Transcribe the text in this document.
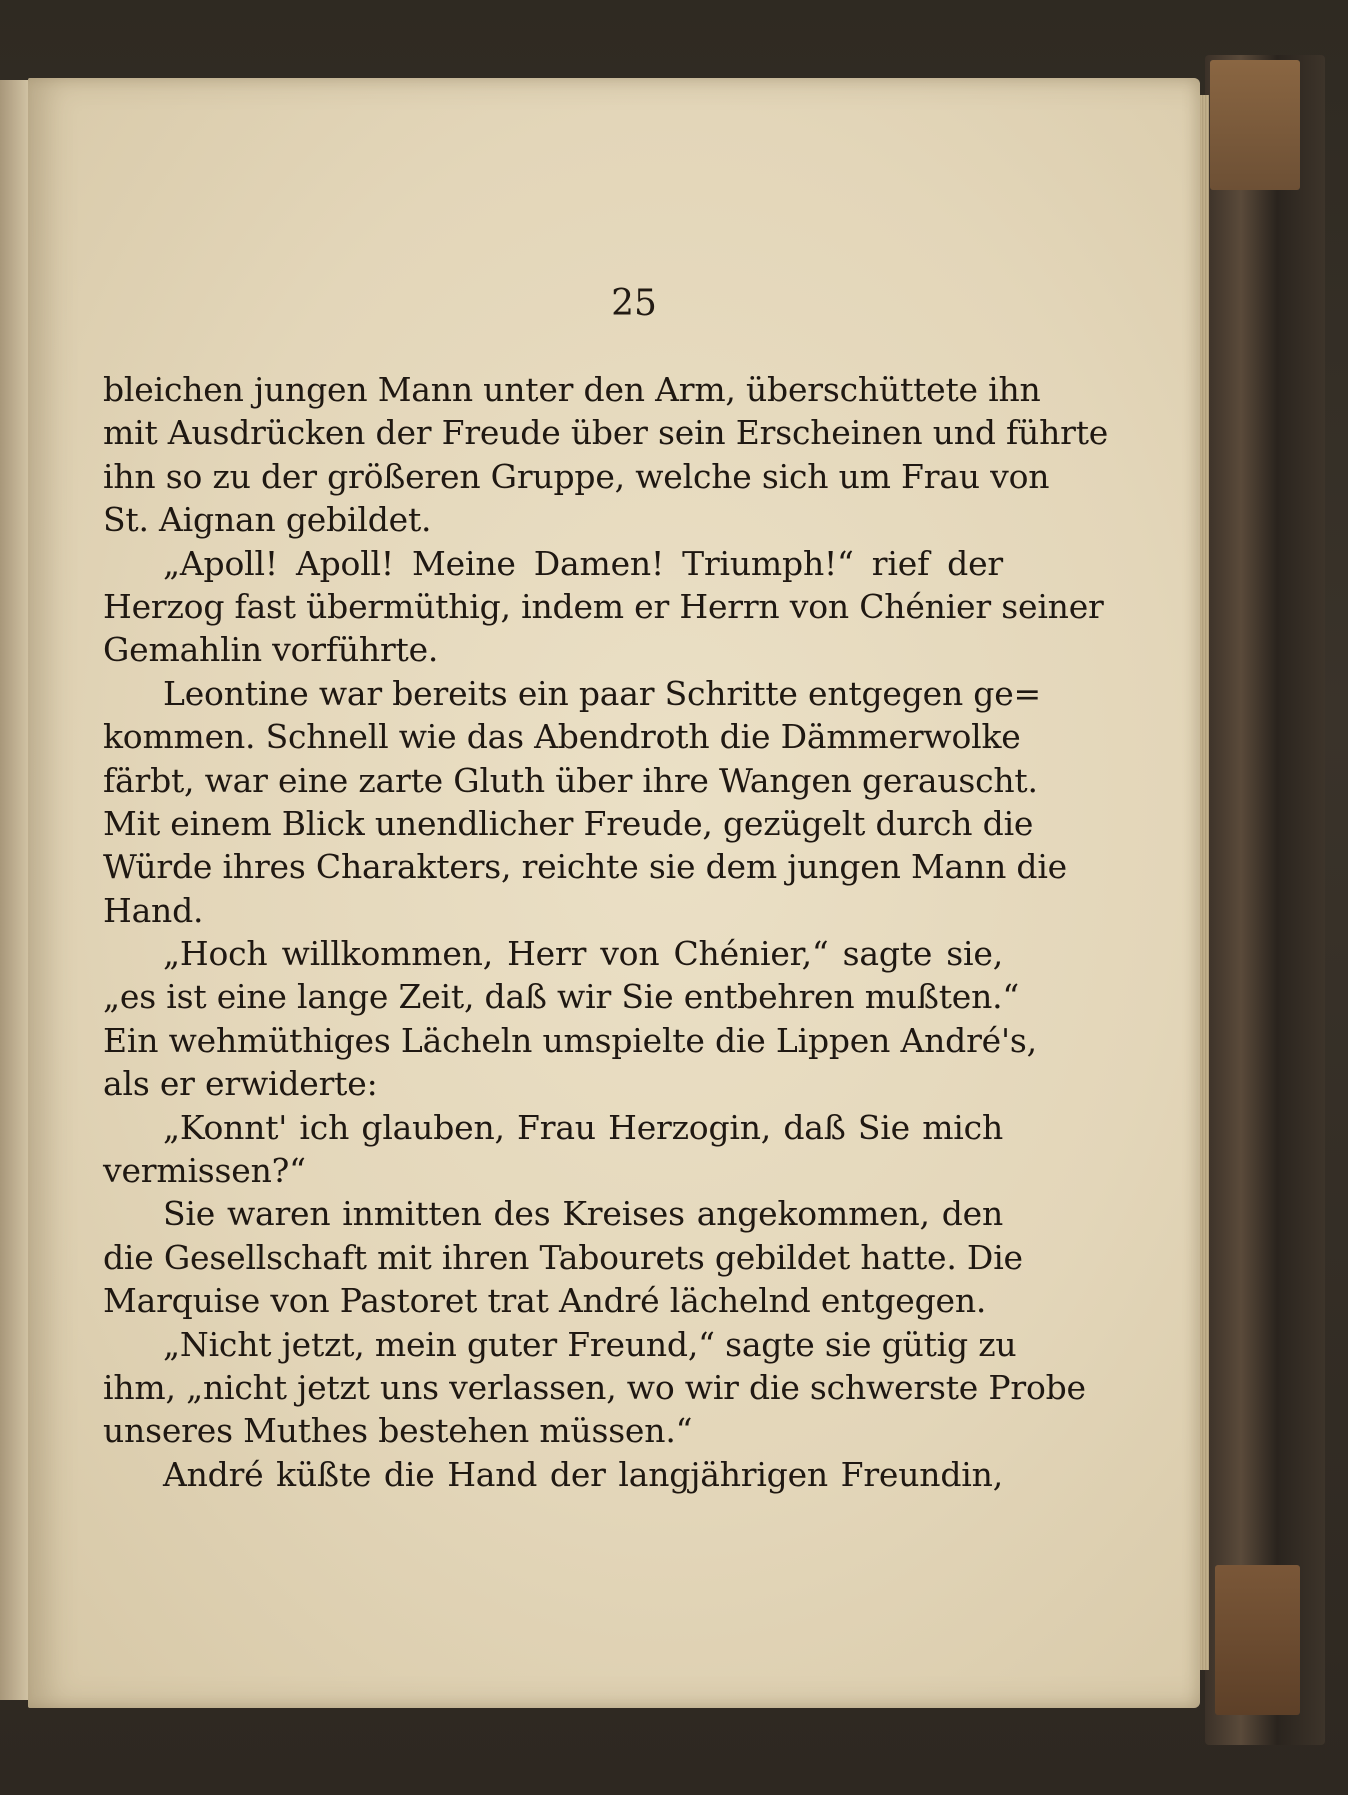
25
bleichen jungen Mann unter den Arm, überschüttete ihn
mit Ausdrücken der Freude über sein Erscheinen und führte
ihn so zu der größeren Gruppe, welche sich um Frau von
St. Aignan gebildet.
„Apoll! Apoll! Meine Damen! Triumph!“ rief der
Herzog fast übermüthig, indem er Herrn von Chénier seiner
Gemahlin vorführte.
Leontine war bereits ein paar Schritte entgegen ge=
kommen. Schnell wie das Abendroth die Dämmerwolke
färbt, war eine zarte Gluth über ihre Wangen gerauscht.
Mit einem Blick unendlicher Freude, gezügelt durch die
Würde ihres Charakters, reichte sie dem jungen Mann die
Hand.
„Hoch willkommen, Herr von Chénier,“ sagte sie,
„es ist eine lange Zeit, daß wir Sie entbehren mußten.“
Ein wehmüthiges Lächeln umspielte die Lippen André's,
als er erwiderte:
„Konnt' ich glauben, Frau Herzogin, daß Sie mich
vermissen?“
Sie waren inmitten des Kreises angekommen, den
die Gesellschaft mit ihren Tabourets gebildet hatte. Die
Marquise von Pastoret trat André lächelnd entgegen.
„Nicht jetzt, mein guter Freund,“ sagte sie gütig zu
ihm, „nicht jetzt uns verlassen, wo wir die schwerste Probe
unseres Muthes bestehen müssen.“
André küßte die Hand der langjährigen Freundin,
